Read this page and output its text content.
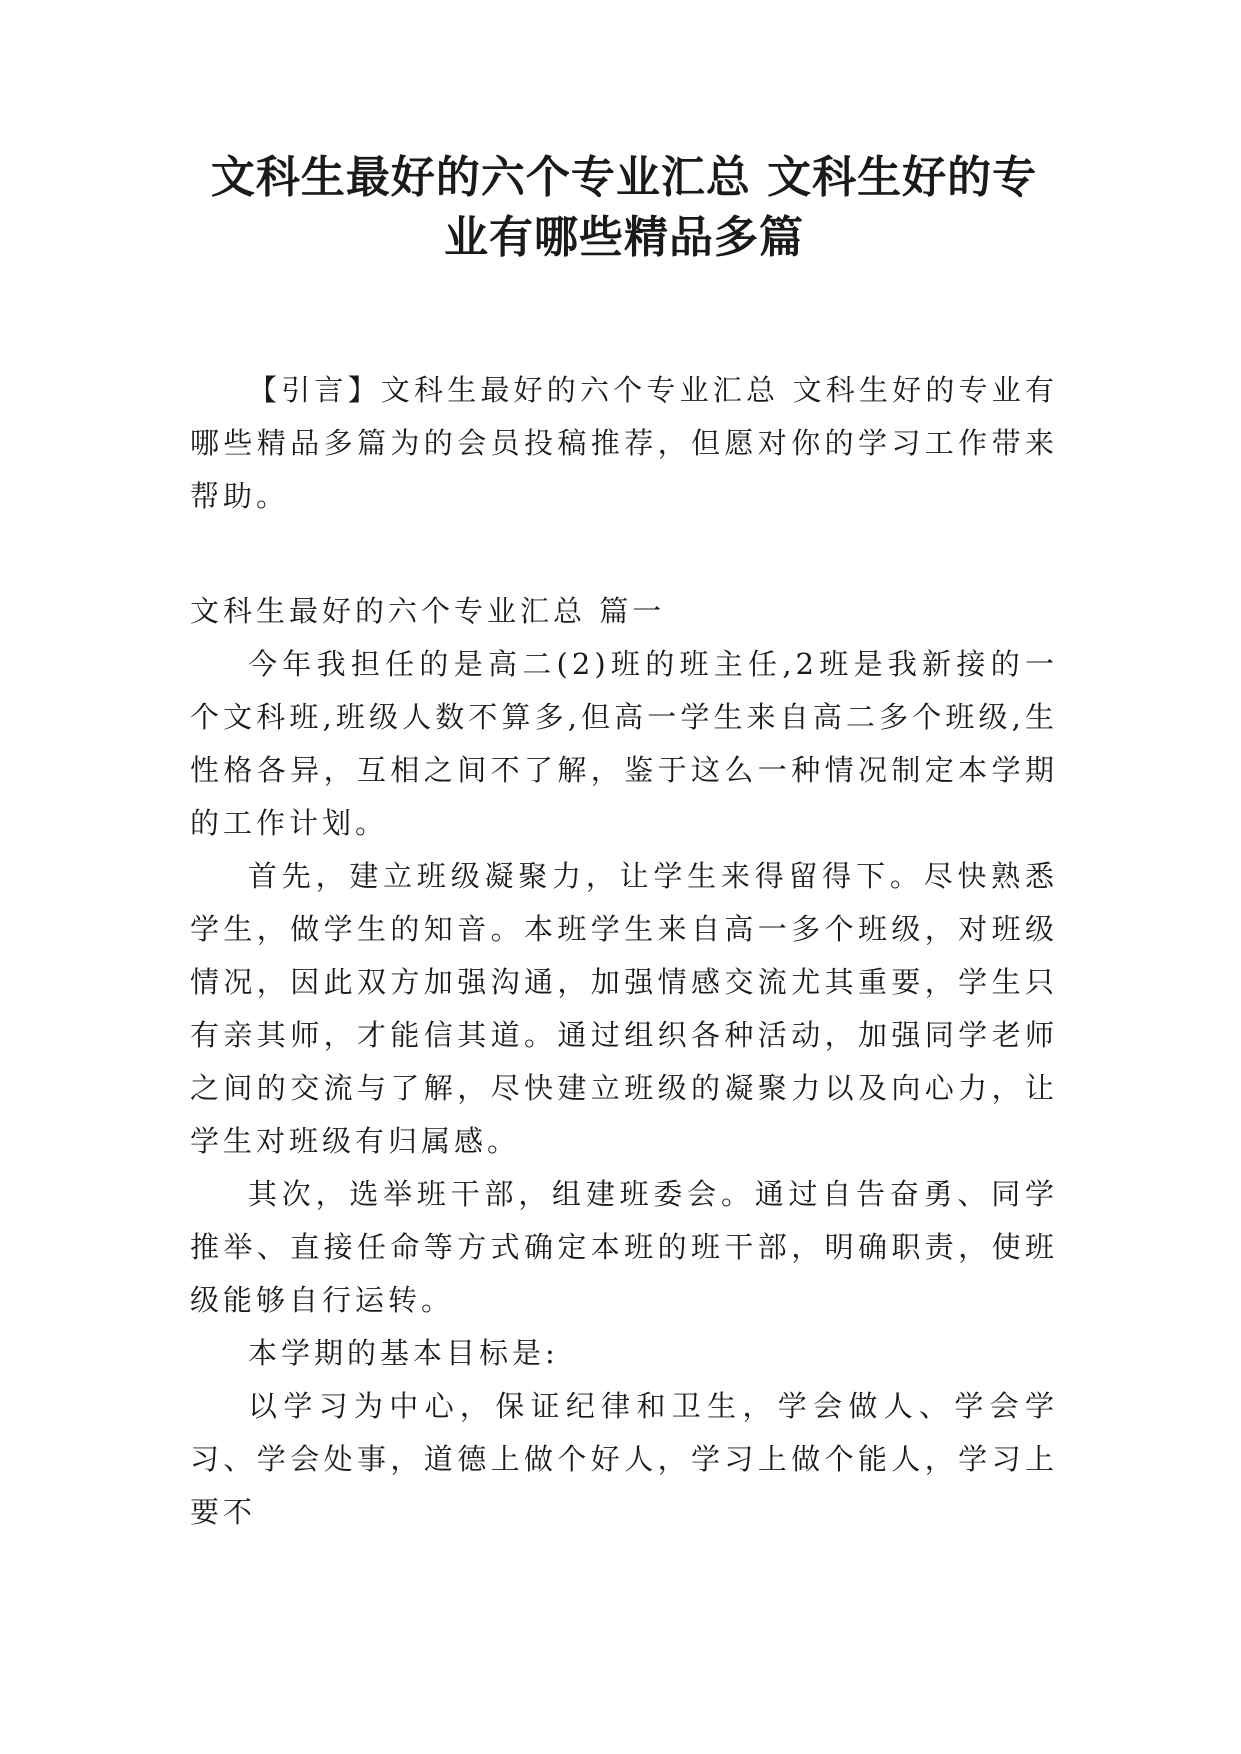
文科生最好的六个专业汇总 文科生好的专业有哪些精品多篇

【引言】文科生最好的六个专业汇总 文科生好的专业有哪些精品多篇为的会员投稿推荐，但愿对你的学习工作带来帮助。

文科生最好的六个专业汇总 篇一

今年我担任的是高二(2)班的班主任,2班是我新接的一个文科班,班级人数不算多,但高一学生来自高二多个班级,生性格各异，互相之间不了解，鉴于这么一种情况制定本学期的工作计划。

首先，建立班级凝聚力，让学生来得留得下。尽快熟悉学生，做学生的知音。本班学生来自高一多个班级，对班级情况，因此双方加强沟通，加强情感交流尤其重要，学生只有亲其师，才能信其道。通过组织各种活动，加强同学老师之间的交流与了解，尽快建立班级的凝聚力以及向心力，让学生对班级有归属感。

其次，选举班干部，组建班委会。通过自告奋勇、同学推举、直接任命等方式确定本班的班干部，明确职责，使班级能够自行运转。

本学期的基本目标是:

以学习为中心，保证纪律和卫生，学会做人、学会学习、学会处事，道德上做个好人，学习上做个能人，学习上要不
